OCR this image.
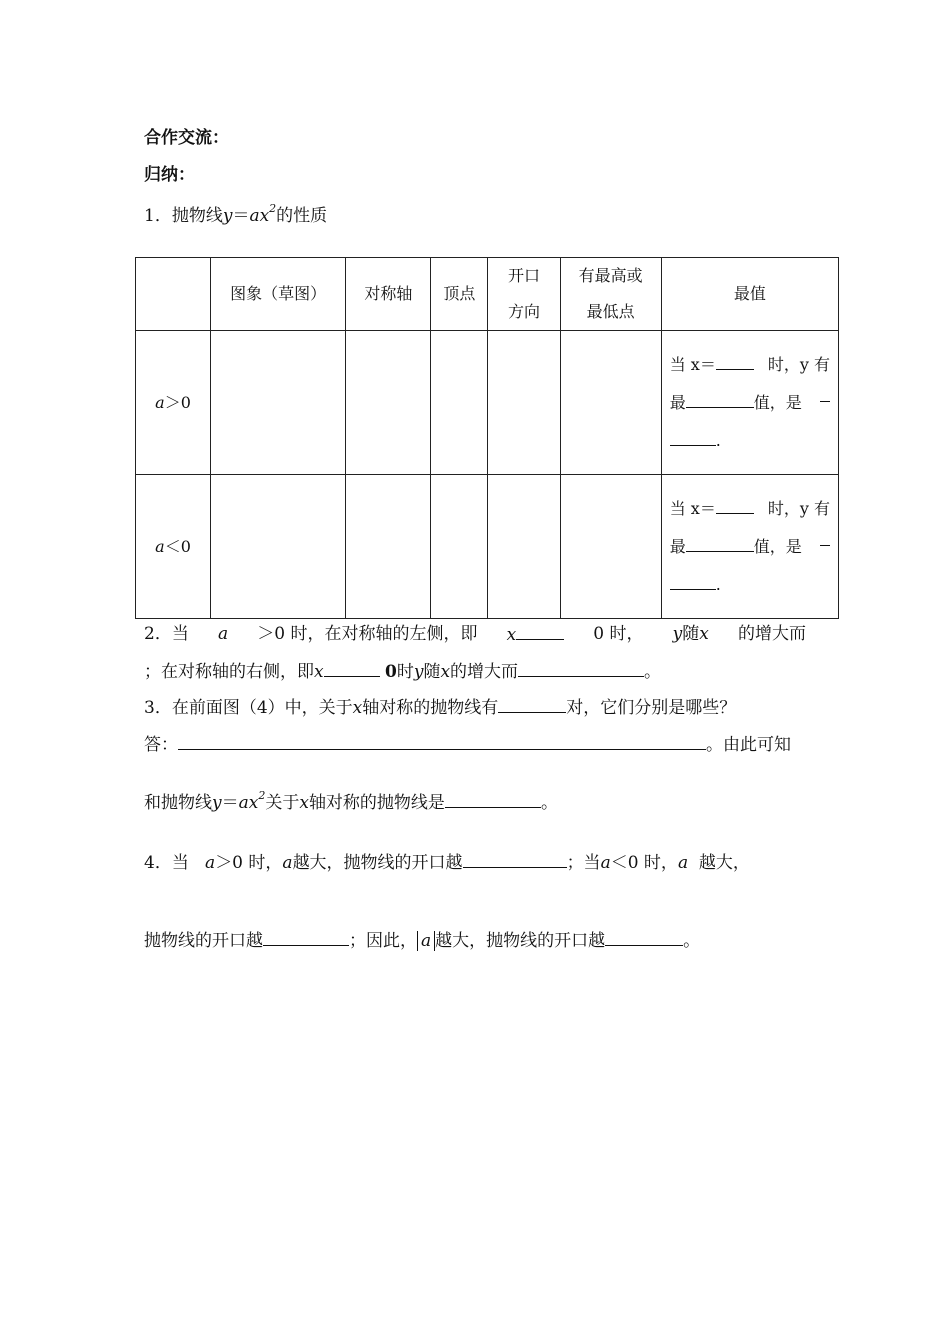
合作交流：
归纳：
1．抛物线$y=ax^2$的性质
	图象（草图）	对称轴	顶点	开口
方向	有最高或
最低点	最值
a＞0						当 x＝ 时，y 有
最 值，是
.

a＜0						当 x＝ 时，y 有
最 值，是
.
2．当 a ＞0 时，在对称轴的左侧，即 x	0 时， y随x 的增大而
；在对称轴的右侧，即x	0时y随x的增大而	。
3．在前面图（4）中，关于x轴对称的抛物线有	对，它们分别是哪些？
答：	。由此可知
和抛物线$y=ax^2$关于x轴对称的抛物线是	。
4．当 a＞0 时，a越大，抛物线的开口越	；当a＜0 时，a 越大，
抛物线的开口越	；因此， a 越大，抛物线的开口越	。
